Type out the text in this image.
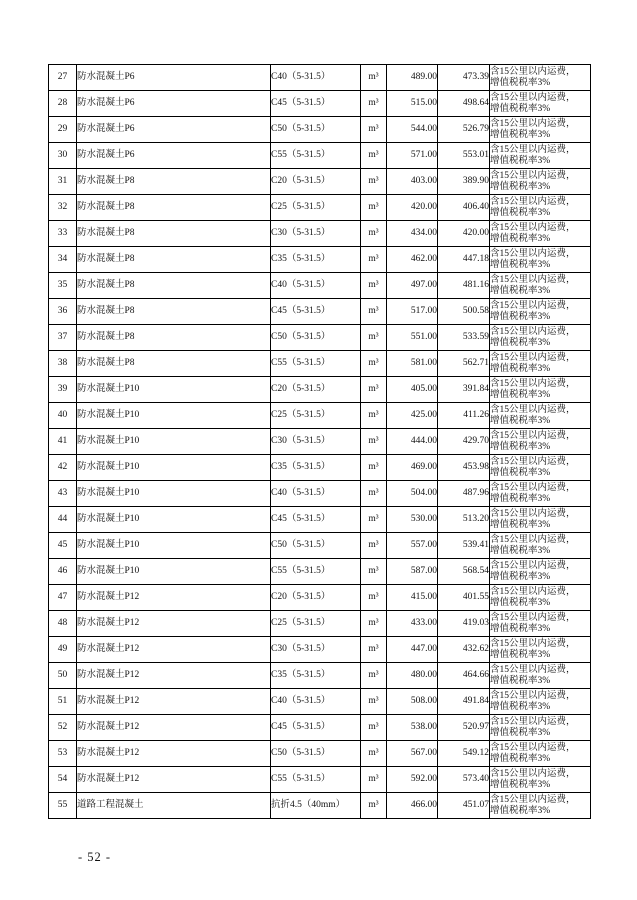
27	防水混凝土P6	C40（5-31.5）	m³	489.00	473.39	含15公里以内运费，
增值税税率3%

28	防水混凝土P6	C45（5-31.5）	m³	515.00	498.64	含15公里以内运费，
增值税税率3%

29	防水混凝土P6	C50（5-31.5）	m³	544.00	526.79	含15公里以内运费，
增值税税率3%

30	防水混凝土P6	C55（5-31.5）	m³	571.00	553.01	含15公里以内运费，
增值税税率3%

31	防水混凝土P8	C20（5-31.5）	m³	403.00	389.90	含15公里以内运费，
增值税税率3%

32	防水混凝土P8	C25（5-31.5）	m³	420.00	406.40	含15公里以内运费，
增值税税率3%

33	防水混凝土P8	C30（5-31.5）	m³	434.00	420.00	含15公里以内运费，
增值税税率3%

34	防水混凝土P8	C35（5-31.5）	m³	462.00	447.18	含15公里以内运费，
增值税税率3%

35	防水混凝土P8	C40（5-31.5）	m³	497.00	481.16	含15公里以内运费，
增值税税率3%

36	防水混凝土P8	C45（5-31.5）	m³	517.00	500.58	含15公里以内运费，
增值税税率3%

37	防水混凝土P8	C50（5-31.5）	m³	551.00	533.59	含15公里以内运费，
增值税税率3%

38	防水混凝土P8	C55（5-31.5）	m³	581.00	562.71	含15公里以内运费，
增值税税率3%

39	防水混凝土P10	C20（5-31.5）	m³	405.00	391.84	含15公里以内运费，
增值税税率3%

40	防水混凝土P10	C25（5-31.5）	m³	425.00	411.26	含15公里以内运费，
增值税税率3%

41	防水混凝土P10	C30（5-31.5）	m³	444.00	429.70	含15公里以内运费，
增值税税率3%

42	防水混凝土P10	C35（5-31.5）	m³	469.00	453.98	含15公里以内运费，
增值税税率3%

43	防水混凝土P10	C40（5-31.5）	m³	504.00	487.96	含15公里以内运费，
增值税税率3%

44	防水混凝土P10	C45（5-31.5）	m³	530.00	513.20	含15公里以内运费，
增值税税率3%

45	防水混凝土P10	C50（5-31.5）	m³	557.00	539.41	含15公里以内运费，
增值税税率3%

46	防水混凝土P10	C55（5-31.5）	m³	587.00	568.54	含15公里以内运费，
增值税税率3%

47	防水混凝土P12	C20（5-31.5）	m³	415.00	401.55	含15公里以内运费，
增值税税率3%

48	防水混凝土P12	C25（5-31.5）	m³	433.00	419.03	含15公里以内运费，
增值税税率3%

49	防水混凝土P12	C30（5-31.5）	m³	447.00	432.62	含15公里以内运费，
增值税税率3%

50	防水混凝土P12	C35（5-31.5）	m³	480.00	464.66	含15公里以内运费，
增值税税率3%

51	防水混凝土P12	C40（5-31.5）	m³	508.00	491.84	含15公里以内运费，
增值税税率3%

52	防水混凝土P12	C45（5-31.5）	m³	538.00	520.97	含15公里以内运费，
增值税税率3%

53	防水混凝土P12	C50（5-31.5）	m³	567.00	549.12	含15公里以内运费，
增值税税率3%

54	防水混凝土P12	C55（5-31.5）	m³	592.00	573.40	含15公里以内运费，
增值税税率3%

55	道路工程混凝土	抗折4.5（40mm）	m³	466.00	451.07	含15公里以内运费，
增值税税率3%
- 52 -
